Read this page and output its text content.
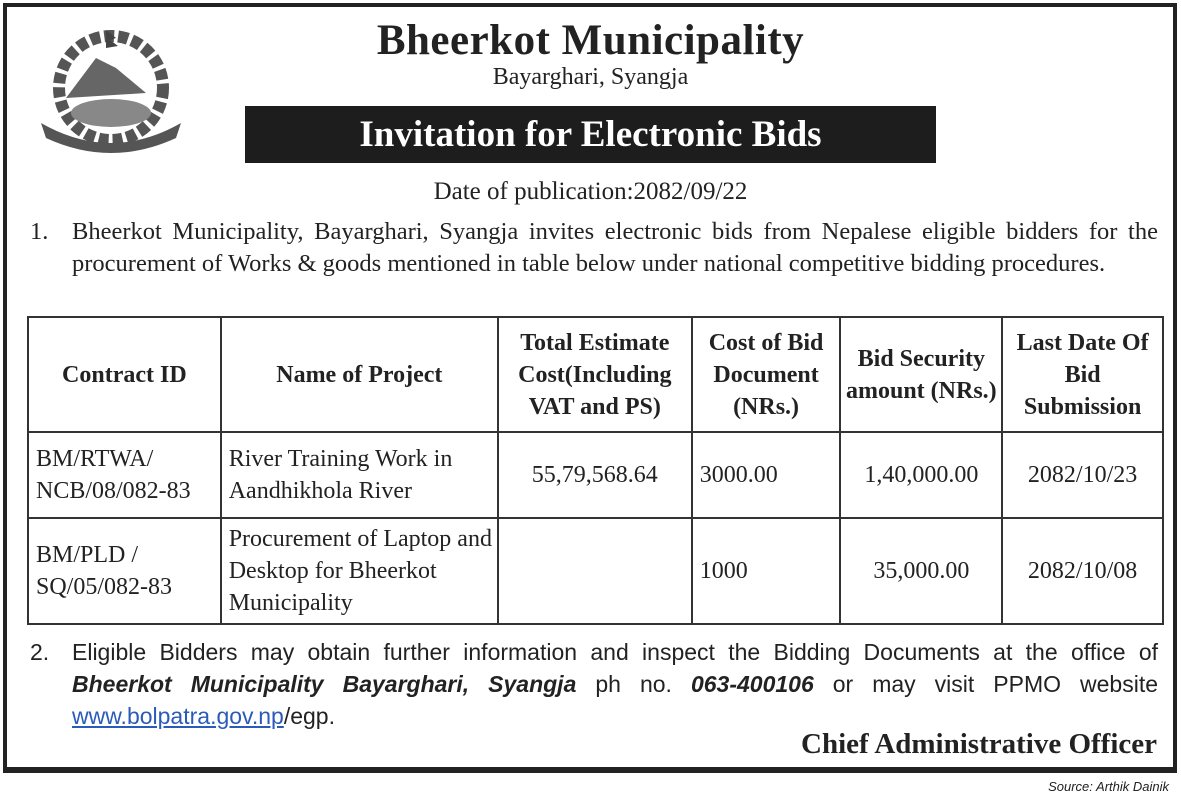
Bheerkot Municipality
Bayarghari, Syangja
Invitation for Electronic Bids
Date of publication:2082/09/22
1. Bheerkot Municipality, Bayarghari, Syangja invites electronic bids from Nepalese eligible bidders for the procurement of Works & goods mentioned in table below under national competitive bidding procedures.
Contract ID	Name of Project	Total Estimate Cost(Including VAT and PS)	Cost of Bid Document (NRs.)	Bid Security amount (NRs.)	Last Date Of Bid Submission
BM/RTWA/ NCB/08/082-83	River Training Work in Aandhikhola River	55,79,568.64	3000.00	1,40,000.00	2082/10/23
BM/PLD / SQ/05/082-83	Procurement of Laptop and Desktop for Bheerkot Municipality		1000	35,000.00	2082/10/08
2. Eligible Bidders may obtain further information and inspect the Bidding Documents at the office of Bheerkot Municipality Bayarghari, Syangja ph no. 063-400106 or may visit PPMO website www.bolpatra.gov.np/egp.
Chief Administrative Officer
Source: Arthik Dainik
